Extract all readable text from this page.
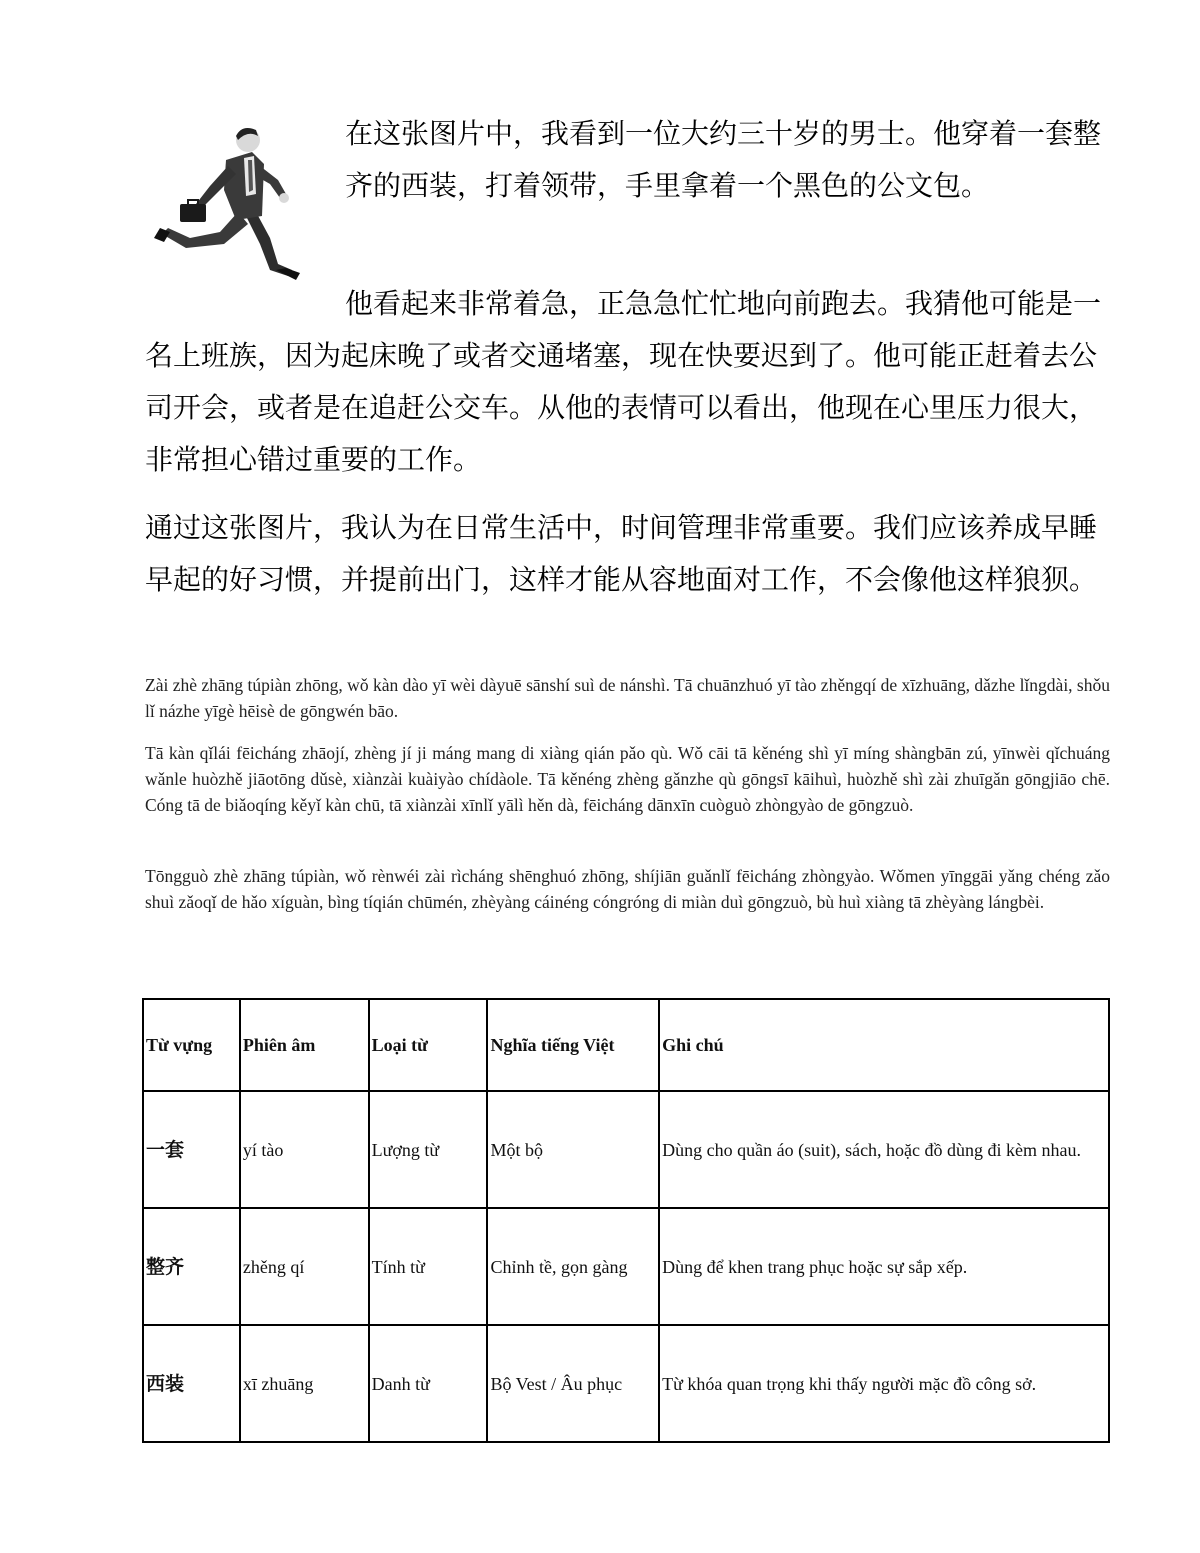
在这张图片中，我看到一位大约三十岁的男士。他穿着一套整齐的西装，打着领带，手里拿着一个黑色的公文包。

他看起来非常着急，正急急忙忙地向前跑去。我猜他可能是一名上班族，因为起床晚了或者交通堵塞，现在快要迟到了。他可能正赶着去公司开会，或者是在追赶公交车。从他的表情可以看出，他现在心里压力很大，非常担心错过重要的工作。

通过这张图片，我认为在日常生活中，时间管理非常重要。我们应该养成早睡早起的好习惯，并提前出门，这样才能从容地面对工作，不会像他这样狼狈。

Zài zhè zhāng túpiàn zhōng, wǒ kàn dào yī wèi dàyuē sānshí suì de nánshì. Tā chuānzhuó yī tào zhěngqí de xīzhuāng, dǎzhe lǐngdài, shǒu lǐ názhe yīgè hēisè de gōngwén bāo.

Tā kàn qǐlái fēicháng zhāojí, zhèng jí ji máng mang di xiàng qián pǎo qù. Wǒ cāi tā kěnéng shì yī míng shàngbān zú, yīnwèi qǐchuáng wǎnle huòzhě jiāotōng dǔsè, xiànzài kuàiyào chídàole. Tā kěnéng zhèng gǎnzhe qù gōngsī kāihuì, huòzhě shì zài zhuīgǎn gōngjiāo chē. Cóng tā de biǎoqíng kěyǐ kàn chū, tā xiànzài xīnlǐ yālì hěn dà, fēicháng dānxīn cuòguò zhòngyào de gōngzuò.

Tōngguò zhè zhāng túpiàn, wǒ rènwéi zài rìcháng shēnghuó zhōng, shíjiān guǎnlǐ fēicháng zhòngyào. Wǒmen yīnggāi yǎng chéng zǎo shuì zǎoqǐ de hǎo xíguàn, bìng tíqián chūmén, zhèyàng cáinéng cóngróng di miàn duì gōngzuò, bù huì xiàng tā zhèyàng lángbèi.

Từ vựng	Phiên âm	Loại từ	Nghĩa tiếng Việt	Ghi chú
一套	yí tào	Lượng từ	Một bộ	Dùng cho quần áo (suit), sách, hoặc đồ dùng đi kèm nhau.
整齐	zhěng qí	Tính từ	Chỉnh tề, gọn gàng	Dùng để khen trang phục hoặc sự sắp xếp.
西装	xī zhuāng	Danh từ	Bộ Vest / Âu phục	Từ khóa quan trọng khi thấy người mặc đồ công sở.
